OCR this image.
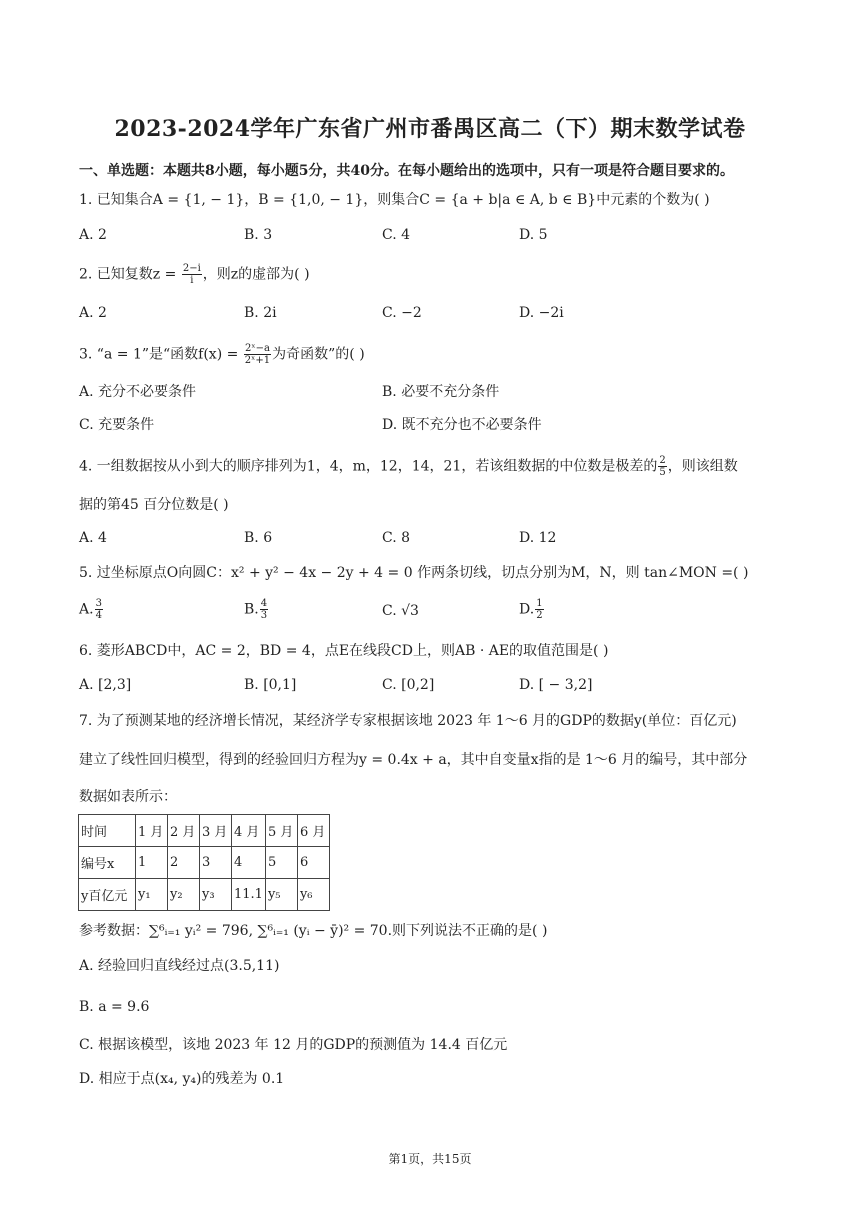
2023-2024学年广东省广州市番禺区高二（下）期末数学试卷
一、单选题：本题共8小题，每小题5分，共40分。在每小题给出的选项中，只有一项是符合题目要求的。
1. 已知集合A = {1, − 1}，B = {1,0, − 1}，则集合C = {a + b|a ∈ A, b ∈ B}中元素的个数为( )
A. 2	B. 3	C. 4	D. 5
2. 已知复数$z = \frac{2-i}{i}$ ，则z的虚部为( )
A. 2	B. 2i	C. −2	D. −2i
3. “a = 1”是“函数$f(x) = \frac{\text{2ˣ−a}}{\text{2ˣ+1}}$ 为奇函数”的( )
A. 充分不必要条件	B. 必要不充分条件
C. 充要条件	D. 既不充分也不必要条件
4. 一组数据按从小到大的顺序排列为1，4，m，12，14，21，若该组数据的中位数是极差的 $\frac{2}{5}$ ，则该组数
据的第45 百分位数是( )
A. 4	B. 6	C. 8	D. 12
5. 过坐标原点O向圆C：x² + y² − 4x − 2y + 4 = 0 作两条切线，切点分别为M，N，则 tan∠MON =( )
A. $\frac{3}{4}$	B. $\frac{4}{3}$	C. √3	D. $\frac{1}{2}$
6. 菱形ABCD中，AC = 2，BD = 4，点E在线段CD上，则AB · AE的取值范围是( )
A. [2,3]	B. [0,1]	C. [0,2]	D. [ − 3,2]
7. 为了预测某地的经济增长情况，某经济学专家根据该地 2023 年 1～6 月的GDP的数据y(单位：百亿元)
建立了线性回归模型，得到的经验回归方程为y = 0.4x + a，其中自变量x指的是 1～6 月的编号，其中部分
数据如表所示：
时间	1 月	2 月	3 月	4 月	5 月	6 月
编号x	1	2	3	4	5	6
y百亿元	y₁	y₂	y₃	11.1	y₅	y₆
参考数据：∑⁶ᵢ₌₁ yᵢ² = 796, ∑⁶ᵢ₌₁ (yᵢ − ȳ)² = 70.则下列说法不正确的是( )
A. 经验回归直线经过点(3.5,11)
B. a = 9.6
C. 根据该模型，该地 2023 年 12 月的GDP的预测值为 14.4 百亿元
D. 相应于点(x₄, y₄)的残差为 0.1
第1页，共15页
